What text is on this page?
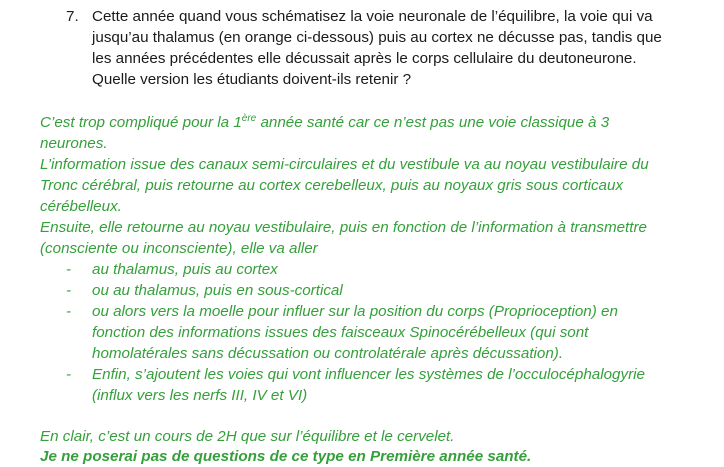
7. Cette année quand vous schématisez la voie neuronale de l’équilibre, la voie qui va
jusqu’au thalamus (en orange ci-dessous) puis au cortex ne décusse pas, tandis que
les années précédentes elle décussait après le corps cellulaire du deutoneurone.
Quelle version les étudiants doivent-ils retenir ?
C’est trop compliqué pour la 1ère année santé car ce n’est pas une voie classique à 3
neurones.
L’information issue des canaux semi-circulaires et du vestibule va au noyau vestibulaire du
Tronc cérébral, puis retourne au cortex cerebelleux, puis au noyaux gris sous corticaux
cérébelleux.
Ensuite, elle retourne au noyau vestibulaire, puis en fonction de l’information à transmettre
(consciente ou inconsciente), elle va aller
- au thalamus, puis au cortex
- ou au thalamus, puis en sous-cortical
- ou alors vers la moelle pour influer sur la position du corps (Proprioception) en
fonction des informations issues des faisceaux Spinocérébelleux (qui sont
homolatérales sans décussation ou controlatérale après décussation).
- Enfin, s’ajoutent les voies qui vont influencer les systèmes de l’occulocéphalogyrie
(influx vers les nerfs III, IV et VI)
En clair, c’est un cours de 2H que sur l’équilibre et le cervelet.
Je ne poserai pas de questions de ce type en Première année santé.
